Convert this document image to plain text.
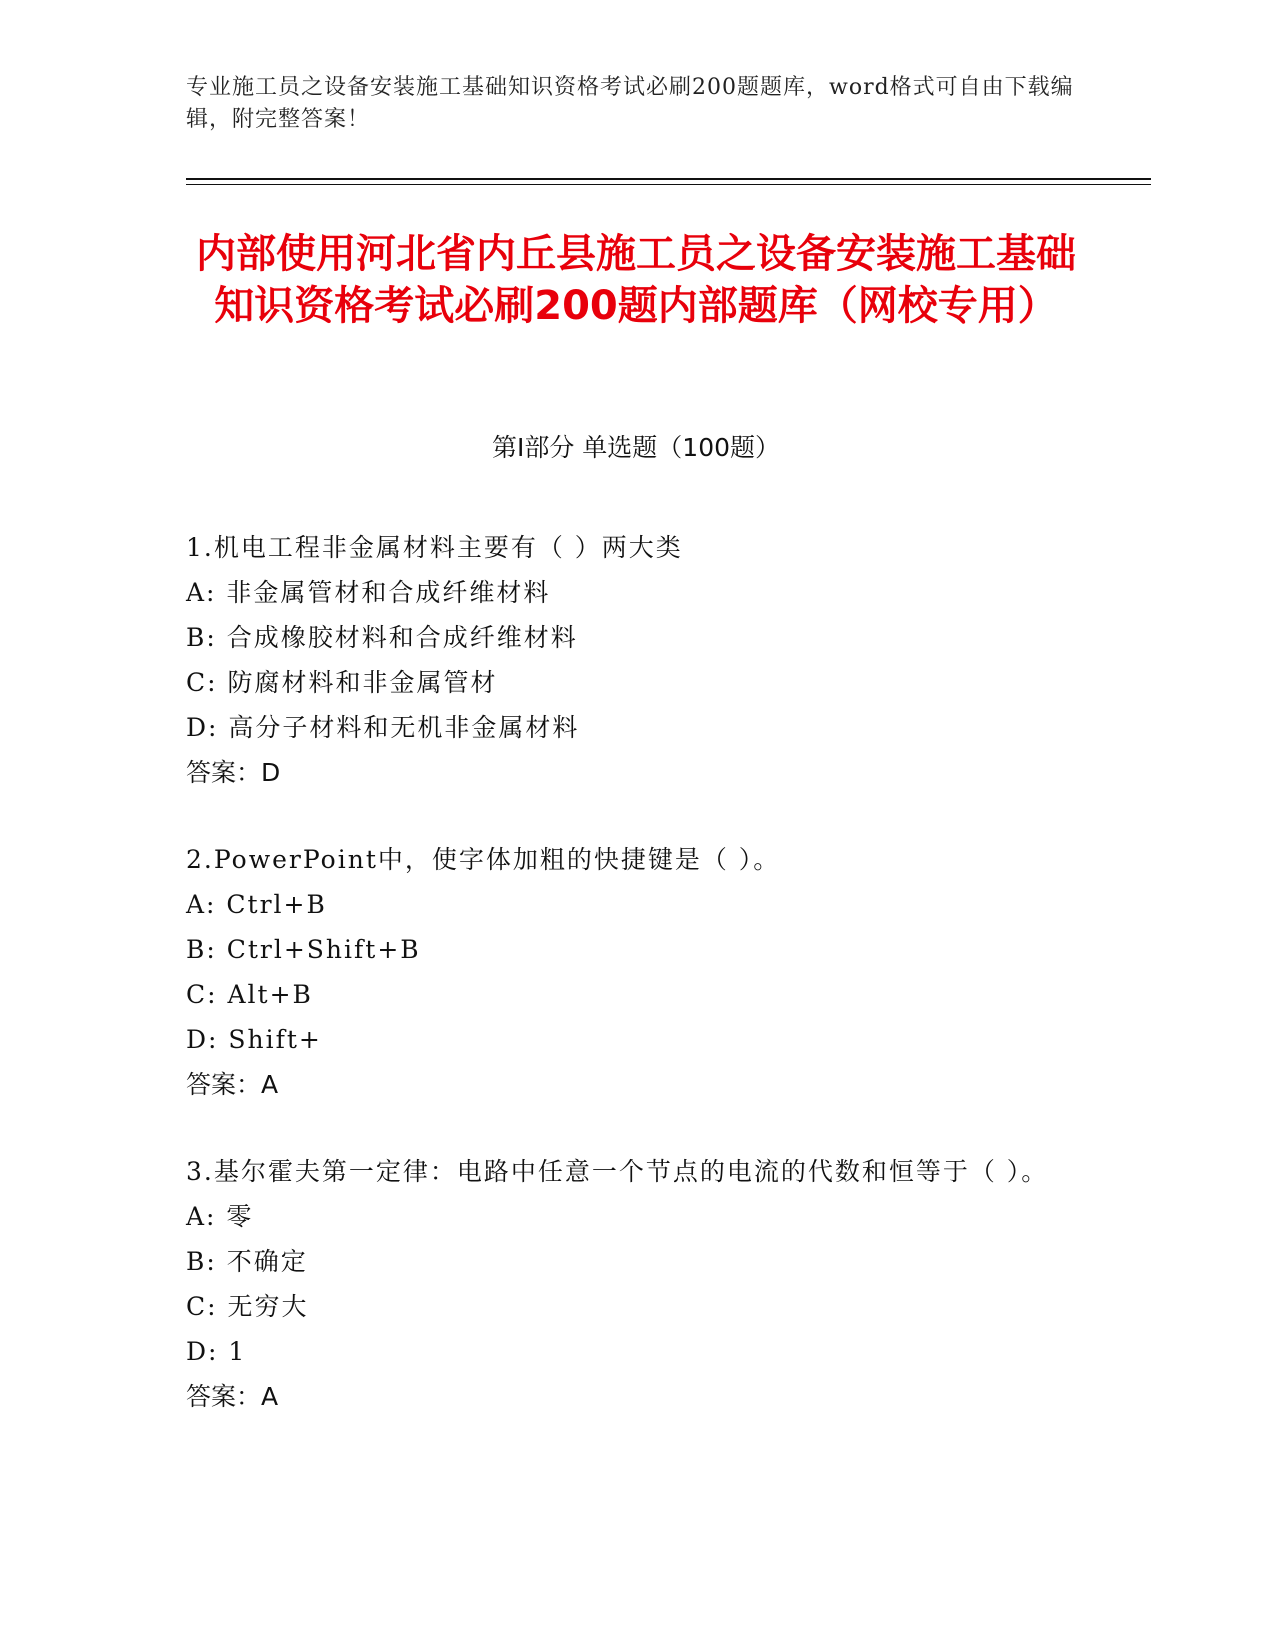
专业施工员之设备安装施工基础知识资格考试必刷200题题库，word格式可自由下载编辑，附完整答案！
内部使用河北省内丘县施工员之设备安装施工基础知识资格考试必刷200题内部题库（网校专用）
第I部分 单选题（100题）
1.机电工程非金属材料主要有（ ）两大类
A: 非金属管材和合成纤维材料
B: 合成橡胶材料和合成纤维材料
C: 防腐材料和非金属管材
D: 高分子材料和无机非金属材料
答案：D
2.PowerPoint中，使字体加粗的快捷键是（ ）。
A: Ctrl+B
B: Ctrl+Shift+B
C: Alt+B
D: Shift+
答案：A
3.基尔霍夫第一定律：电路中任意一个节点的电流的代数和恒等于（ ）。
A: 零
B: 不确定
C: 无穷大
D: 1
答案：A
